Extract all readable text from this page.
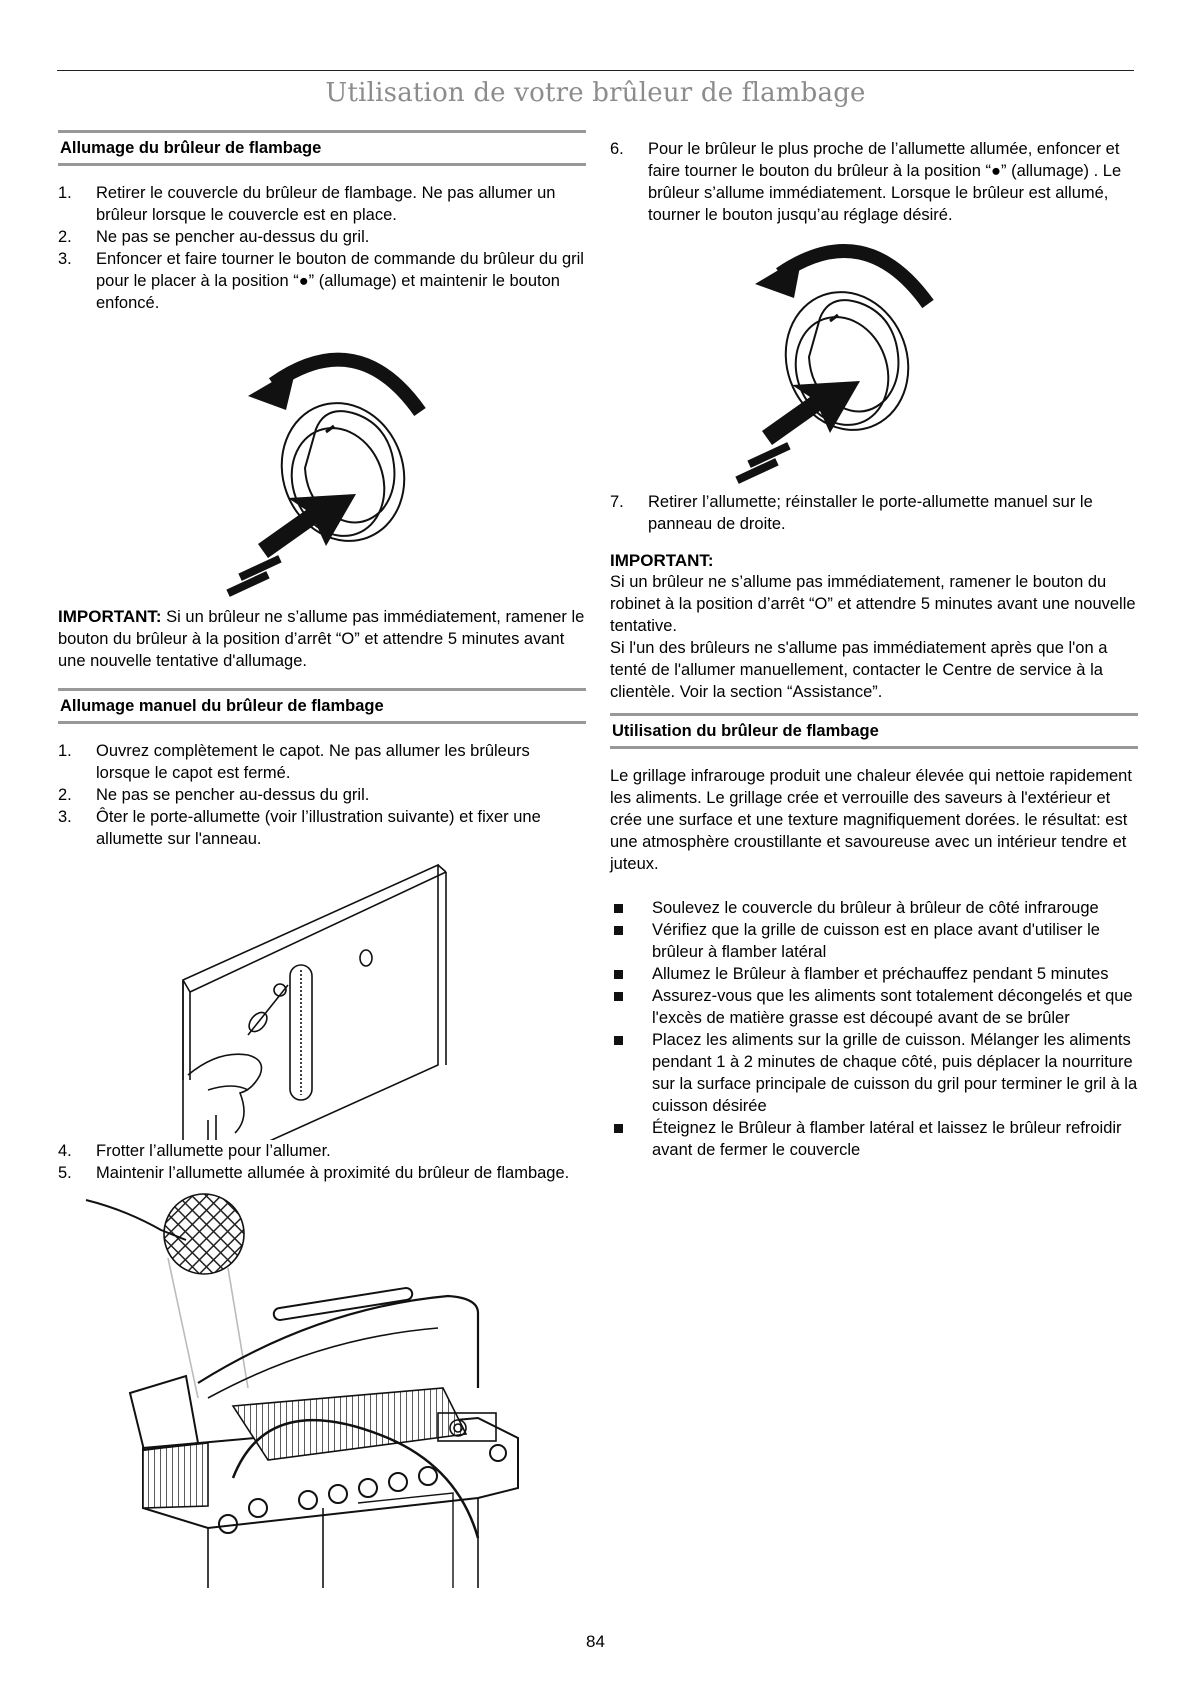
Utilisation de votre brûleur de flambage
Allumage du brûleur de flambage
1. Retirer le couvercle du brûleur de flambage. Ne pas allumer un brûleur lorsque le couvercle est en place.
2. Ne pas se pencher au-dessus du gril.
3. Enfoncer et faire tourner le bouton de commande du brûleur du gril pour le placer à la position “●” (allumage) et maintenir le bouton enfoncé.

IMPORTANT: Si un brûleur ne s’allume pas immédiatement, ramener le bouton du brûleur à la position d’arrêt “O” et attendre 5 minutes avant une nouvelle tentative d'allumage.

Allumage manuel du brûleur de flambage
1. Ouvrez complètement le capot. Ne pas allumer les brûleurs lorsque le capot est fermé.
2. Ne pas se pencher au-dessus du gril.
3. Ôter le porte-allumette (voir l’illustration suivante) et fixer une allumette sur l'anneau.
4. Frotter l’allumette pour l’allumer.
5. Maintenir l’allumette allumée à proximité du brûleur de flambage.
6. Pour le brûleur le plus proche de l’allumette allumée, enfoncer et faire tourner le bouton du brûleur à la position “●” (allumage) . Le brûleur s’allume immédiatement. Lorsque le brûleur est allumé, tourner le bouton jusqu’au réglage désiré.
7. Retirer l’allumette; réinstaller le porte-allumette manuel sur le panneau de droite.
IMPORTANT:

Si un brûleur ne s’allume pas immédiatement, ramener le bouton du robinet à la position d’arrêt “O” et attendre 5 minutes avant une nouvelle tentative.

Si l'un des brûleurs ne s'allume pas immédiatement après que l'on a tenté de l'allumer manuellement, contacter le Centre de service à la clientèle. Voir la section “Assistance”.

Utilisation du brûleur de flambage

Le grillage infrarouge produit une chaleur élevée qui nettoie rapidement les aliments. Le grillage crée et verrouille des saveurs à l'extérieur et crée une surface et une texture magnifiquement dorées. le résultat: est une atmosphère croustillante et savoureuse avec un intérieur tendre et juteux.

Soulevez le couvercle du brûleur à brûleur de côté infrarouge
Vérifiez que la grille de cuisson est en place avant d'utiliser le brûleur à flamber latéral
Allumez le Brûleur à flamber et préchauffez pendant 5 minutes
Assurez-vous que les aliments sont totalement décongelés et que l'excès de matière grasse est découpé avant de se brûler
Placez les aliments sur la grille de cuisson. Mélanger les aliments pendant 1 à 2 minutes de chaque côté, puis déplacer la nourriture sur la surface principale de cuisson du gril pour terminer le gril à la cuisson désirée
Éteignez le Brûleur à flamber latéral et laissez le brûleur refroidir avant de fermer le couvercle
84
